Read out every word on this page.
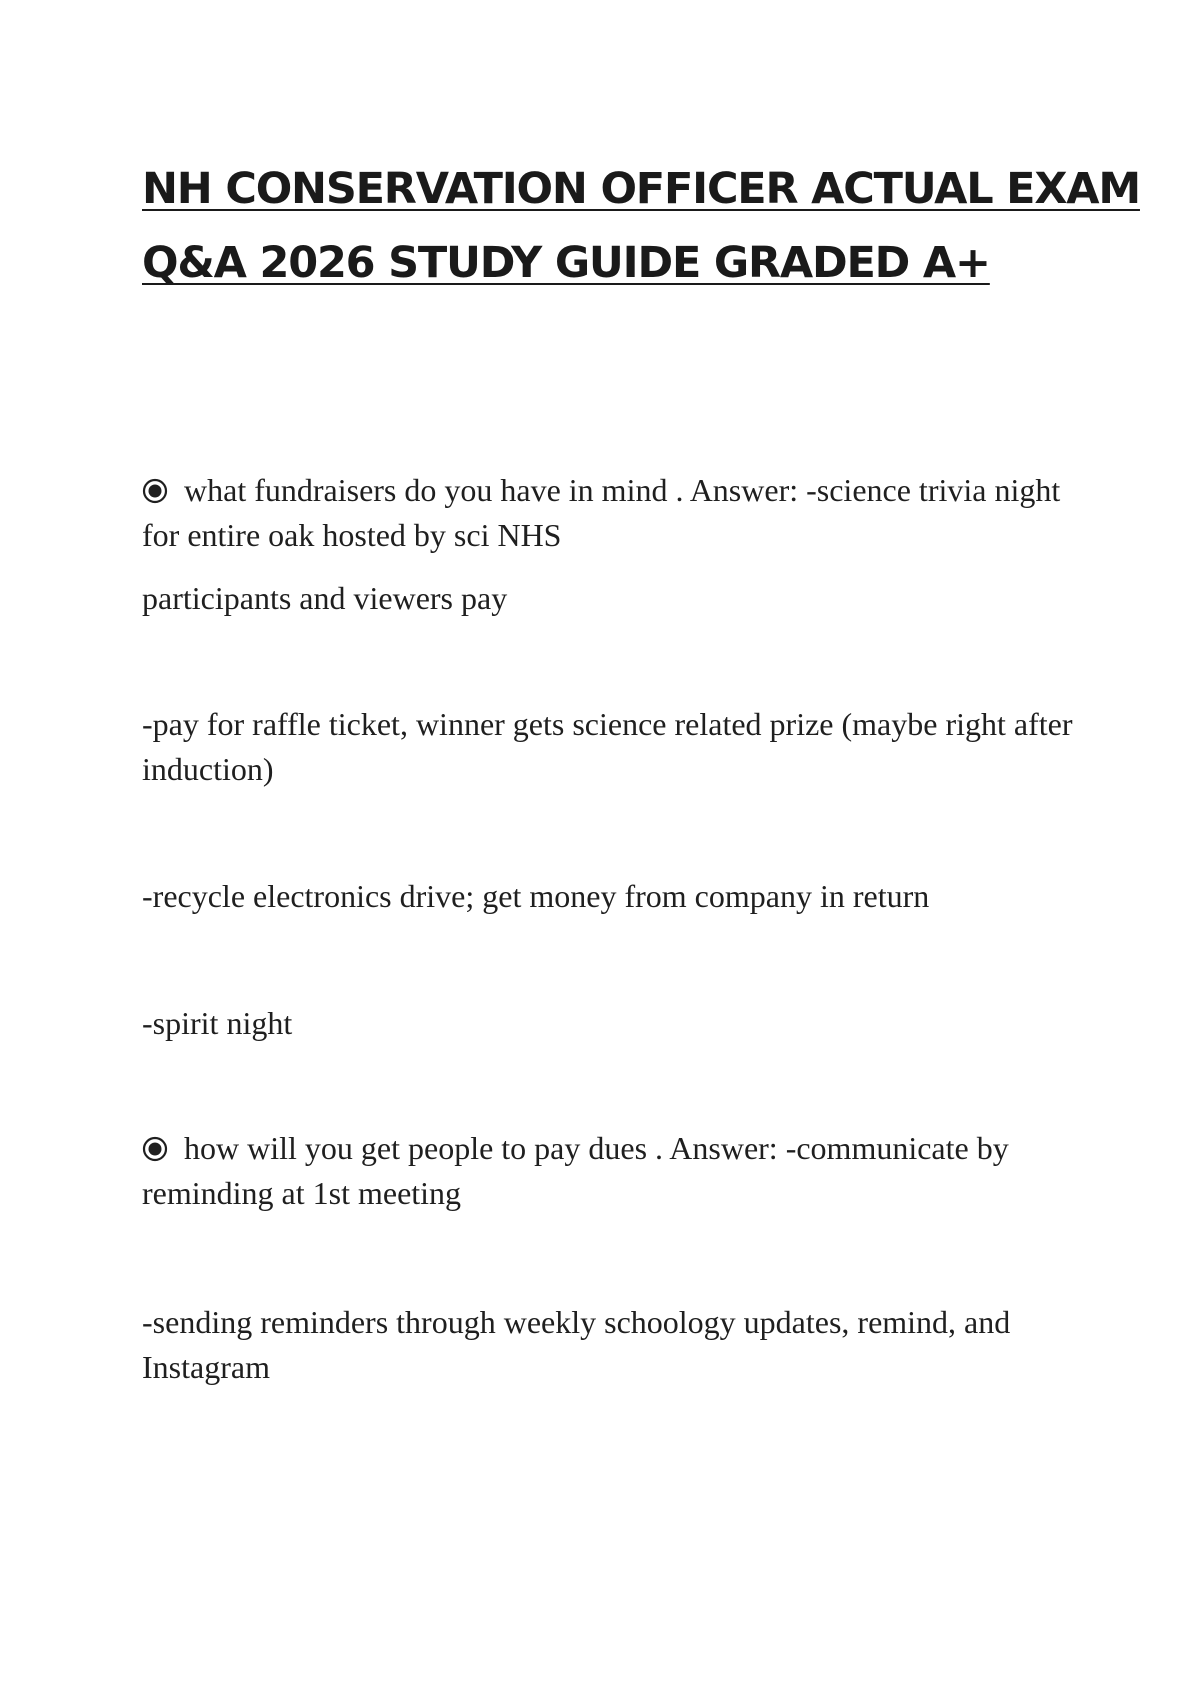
NH CONSERVATION OFFICER ACTUAL EXAM
Q&A 2026 STUDY GUIDE GRADED A+
what fundraisers do you have in mind . Answer: -science trivia night
for entire oak hosted by sci NHS
participants and viewers pay
-pay for raffle ticket, winner gets science related prize (maybe right after induction)
-recycle electronics drive; get money from company in return
-spirit night
how will you get people to pay dues . Answer: -communicate by
reminding at 1st meeting
-sending reminders through weekly schoology updates, remind, and Instagram
